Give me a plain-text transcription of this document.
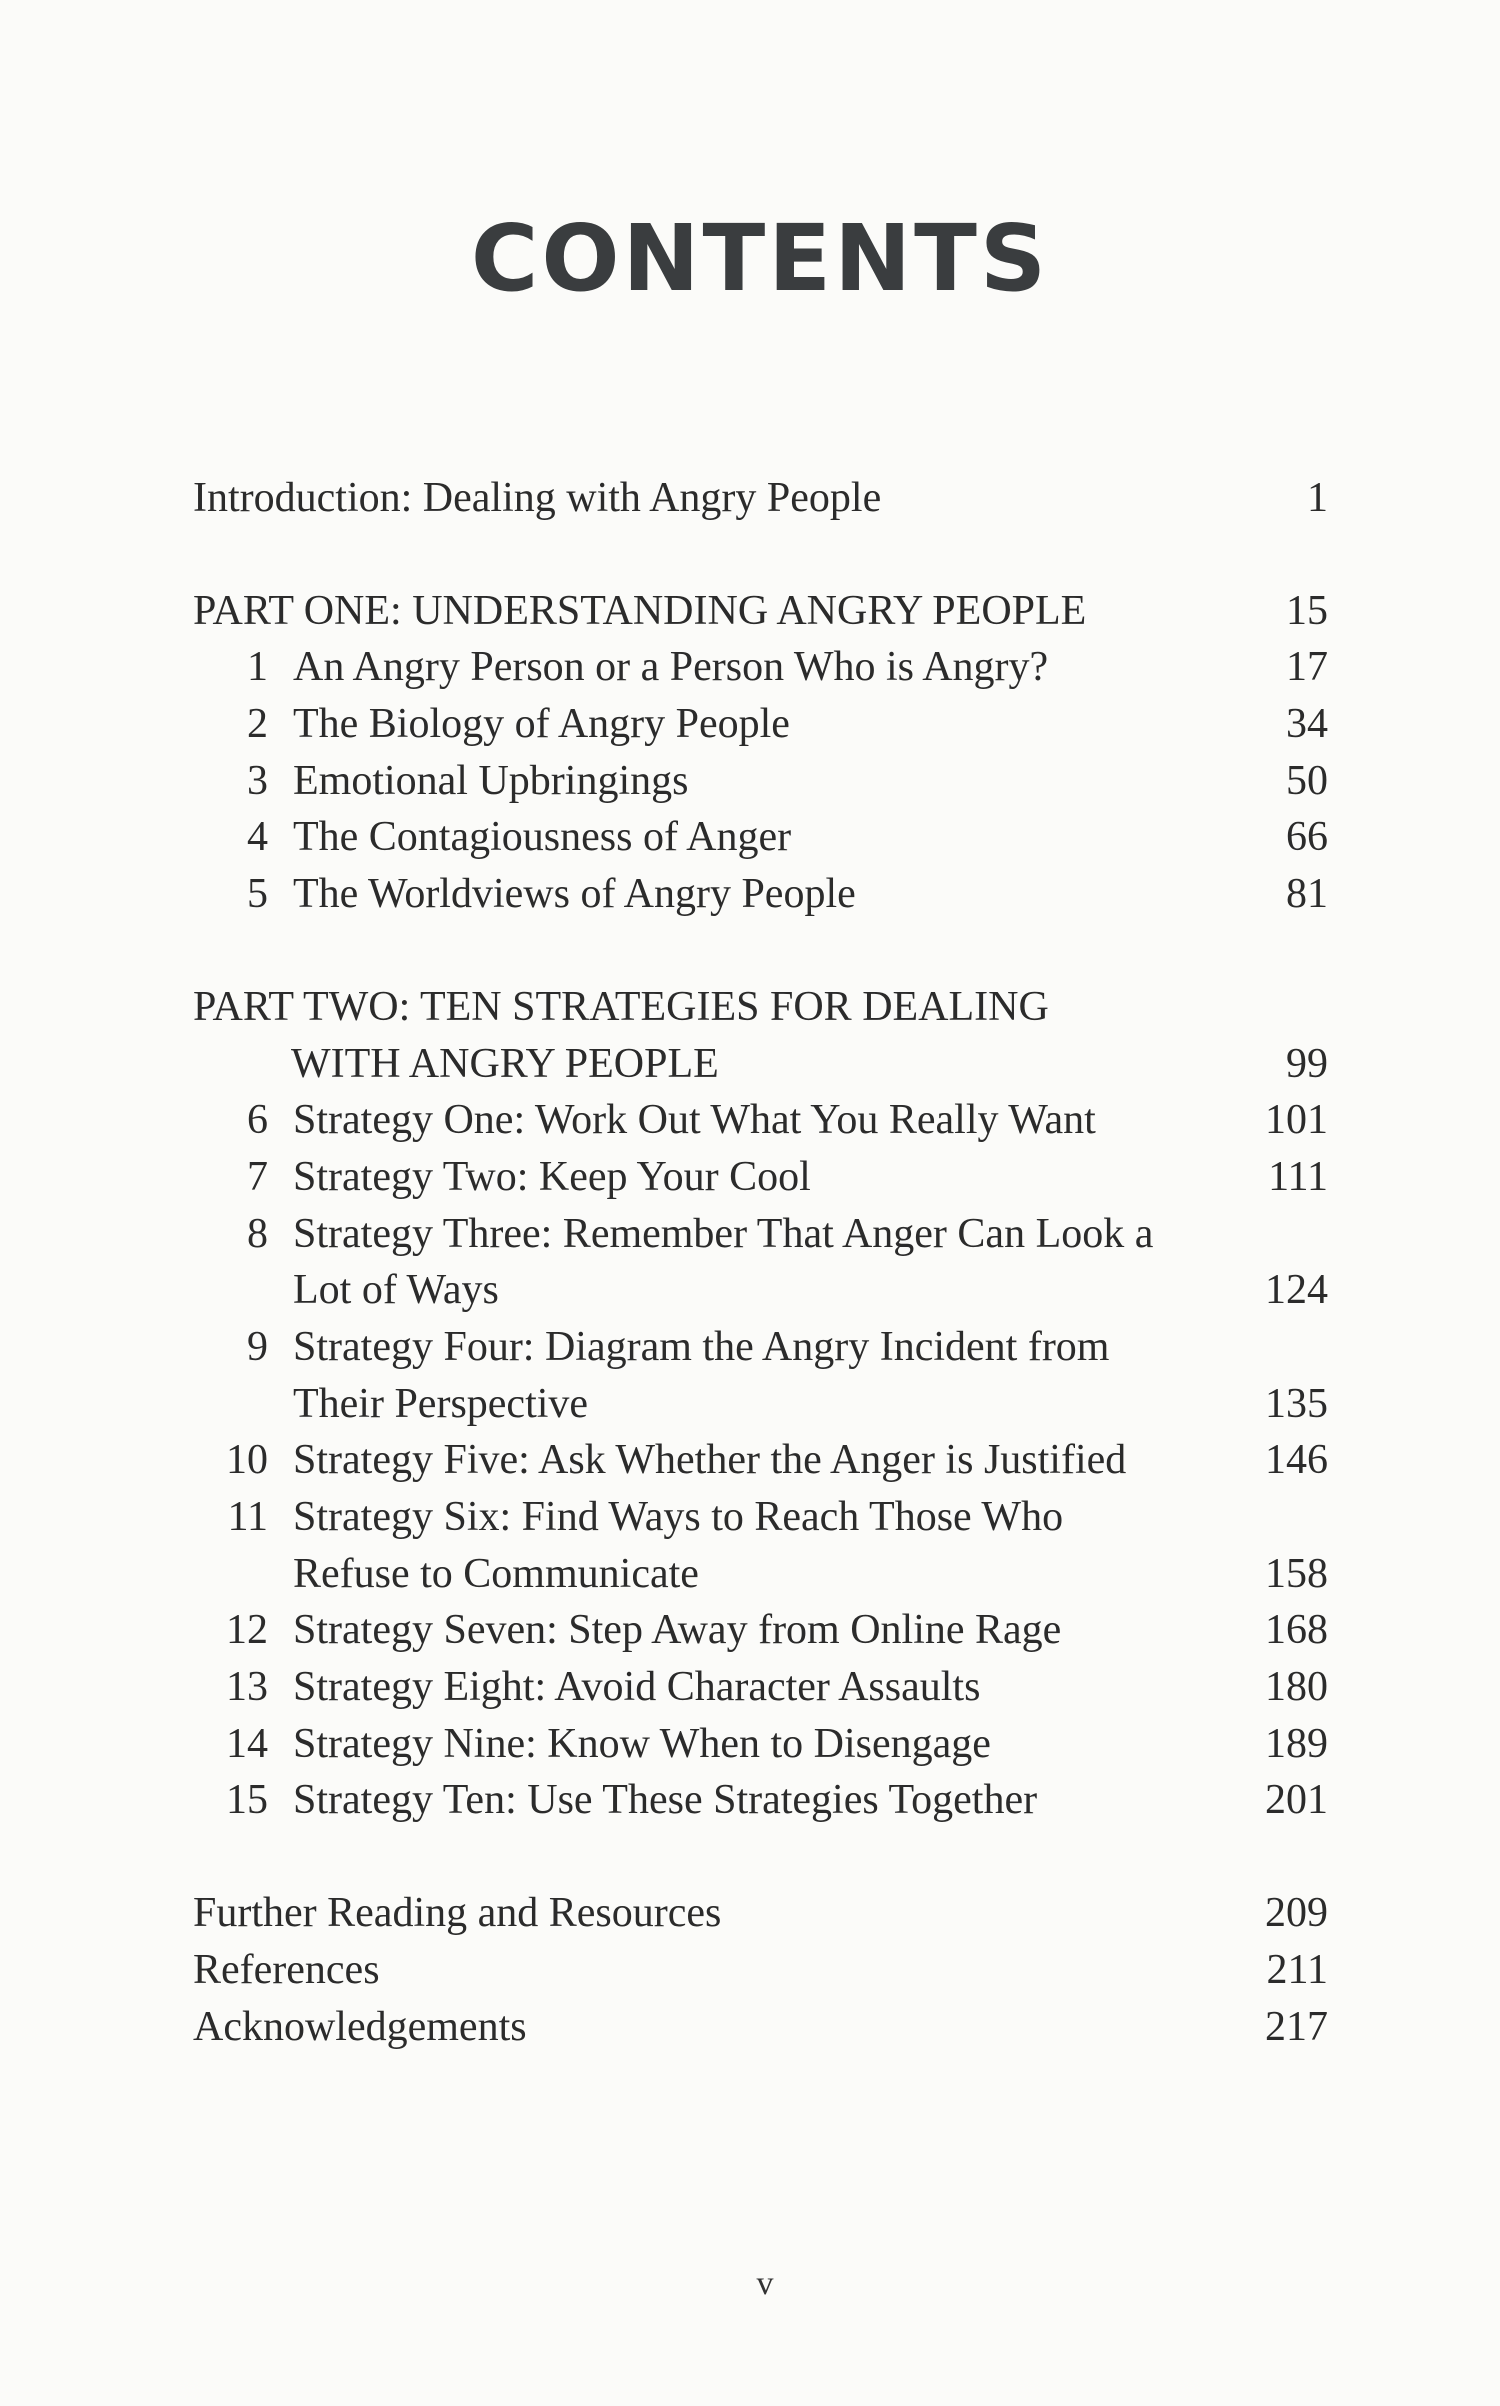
CONTENTS
Introduction: Dealing with Angry People	1
PART ONE: UNDERSTANDING ANGRY PEOPLE	15
1 An Angry Person or a Person Who is Angry?	17
2 The Biology of Angry People	34
3 Emotional Upbringings	50
4 The Contagiousness of Anger	66
5 The Worldviews of Angry People	81
PART TWO: TEN STRATEGIES FOR DEALING
WITH ANGRY PEOPLE	99
6 Strategy One: Work Out What You Really Want	101
7 Strategy Two: Keep Your Cool	111
8 Strategy Three: Remember That Anger Can Look a
Lot of Ways	124
9 Strategy Four: Diagram the Angry Incident from
Their Perspective	135
10 Strategy Five: Ask Whether the Anger is Justified	146
11 Strategy Six: Find Ways to Reach Those Who
Refuse to Communicate	158
12 Strategy Seven: Step Away from Online Rage	168
13 Strategy Eight: Avoid Character Assaults	180
14 Strategy Nine: Know When to Disengage	189
15 Strategy Ten: Use These Strategies Together	201
Further Reading and Resources	209
References	211
Acknowledgements	217
v
